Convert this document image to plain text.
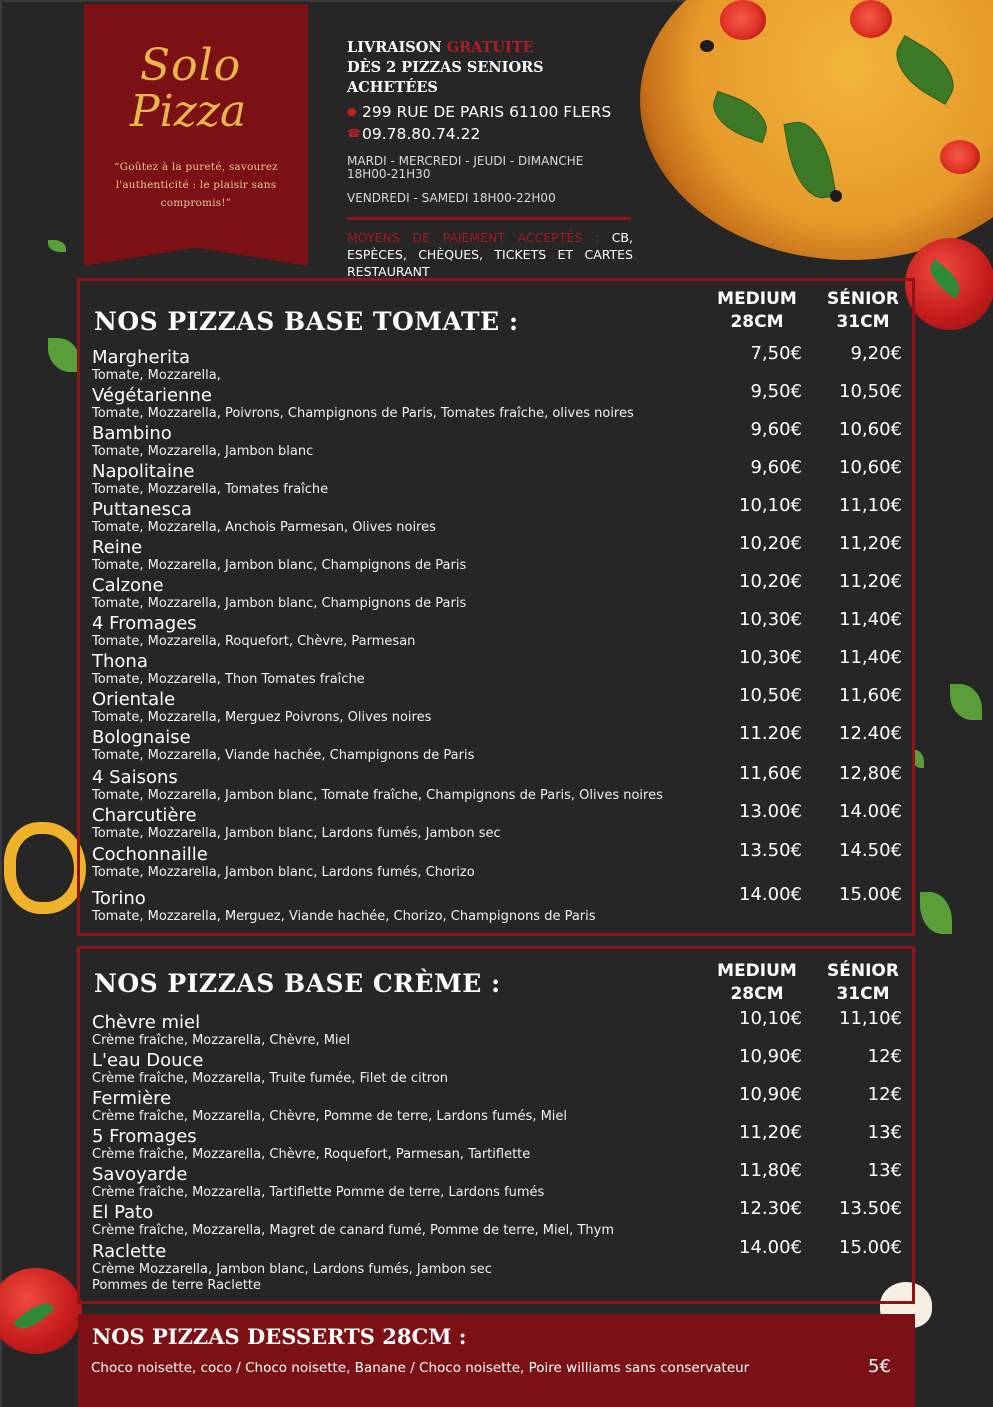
Solo
Pizza
“Goûtez à la pureté, savourez l'authenticité : le plaisir sans compromis!”
LIVRAISON GRATUITE
DÈS 2 PIZZAS SENIORS
ACHETÉES
● 299 RUE DE PARIS 61100 FLERS
☎ 09.78.80.74.22
MARDI - MERCREDI - JEUDI - DIMANCHE
18H00-21H30
VENDREDI - SAMEDI 18H00-22H00
MOYENS DE PAIEMENT ACCEPTÉS : CB, ESPÈCES, CHÈQUES, TICKETS ET CARTES RESTAURANT
NOS PIZZAS BASE TOMATE :
MEDIUM
28CM
SÉNIOR
31CM
Margherita
Tomate, Mozzarella,
7,50€	9,20€
Végétarienne
Tomate, Mozzarella, Poivrons, Champignons de Paris, Tomates fraîche, olives noires
9,50€	10,50€
Bambino
Tomate, Mozzarella, Jambon blanc
9,60€	10,60€
Napolitaine
Tomate, Mozzarella, Tomates fraîche
9,60€	10,60€
Puttanesca
Tomate, Mozzarella, Anchois Parmesan, Olives noires
10,10€	11,10€
Reine
Tomate, Mozzarella, Jambon blanc, Champignons de Paris
10,20€	11,20€
Calzone
Tomate, Mozzarella, Jambon blanc, Champignons de Paris
10,20€	11,20€
4 Fromages
Tomate, Mozzarella, Roquefort, Chèvre, Parmesan
10,30€	11,40€
Thona
Tomate, Mozzarella, Thon Tomates fraîche
10,30€	11,40€
Orientale
Tomate, Mozzarella, Merguez Poivrons, Olives noires
10,50€	11,60€
Bolognaise
Tomate, Mozzarella, Viande hachée, Champignons de Paris
11.20€	12.40€
4 Saisons
Tomate, Mozzarella, Jambon blanc, Tomate fraîche, Champignons de Paris, Olives noires
11,60€	12,80€
Charcutière
Tomate, Mozzarella, Jambon blanc, Lardons fumés, Jambon sec
13.00€	14.00€
Cochonnaille
Tomate, Mozzarella, Jambon blanc, Lardons fumés, Chorizo
13.50€	14.50€
Torino
Tomate, Mozzarella, Merguez, Viande hachée, Chorizo, Champignons de Paris
14.00€	15.00€
NOS PIZZAS BASE CRÈME :	MEDIUM
28CM
SÉNIOR
31CM
Chèvre miel
Crème fraîche, Mozzarella, Chèvre, Miel
10,10€	11,10€
L'eau Douce
Crème fraîche, Mozzarella, Truite fumée, Filet de citron
10,90€	12€
Fermière
Crème fraîche, Mozzarella, Chèvre, Pomme de terre, Lardons fumés, Miel
10,90€	12€
5 Fromages
Crème fraîche, Mozzarella, Chèvre, Roquefort, Parmesan, Tartiflette
11,20€	13€
Savoyarde
Crème fraîche, Mozzarella, Tartiflette Pomme de terre, Lardons fumés
11,80€	13€
El Pato
Crème fraîche, Mozzarella, Magret de canard fumé, Pomme de terre, Miel, Thym
12.30€	13.50€
Raclette
Crème Mozzarella, Jambon blanc, Lardons fumés, Jambon sec
Pommes de terre Raclette
14.00€	15.00€
NOS PIZZAS DESSERTS 28CM :
Choco noisette, coco / Choco noisette, Banane / Choco noisette, Poire williams sans conservateur	5€
